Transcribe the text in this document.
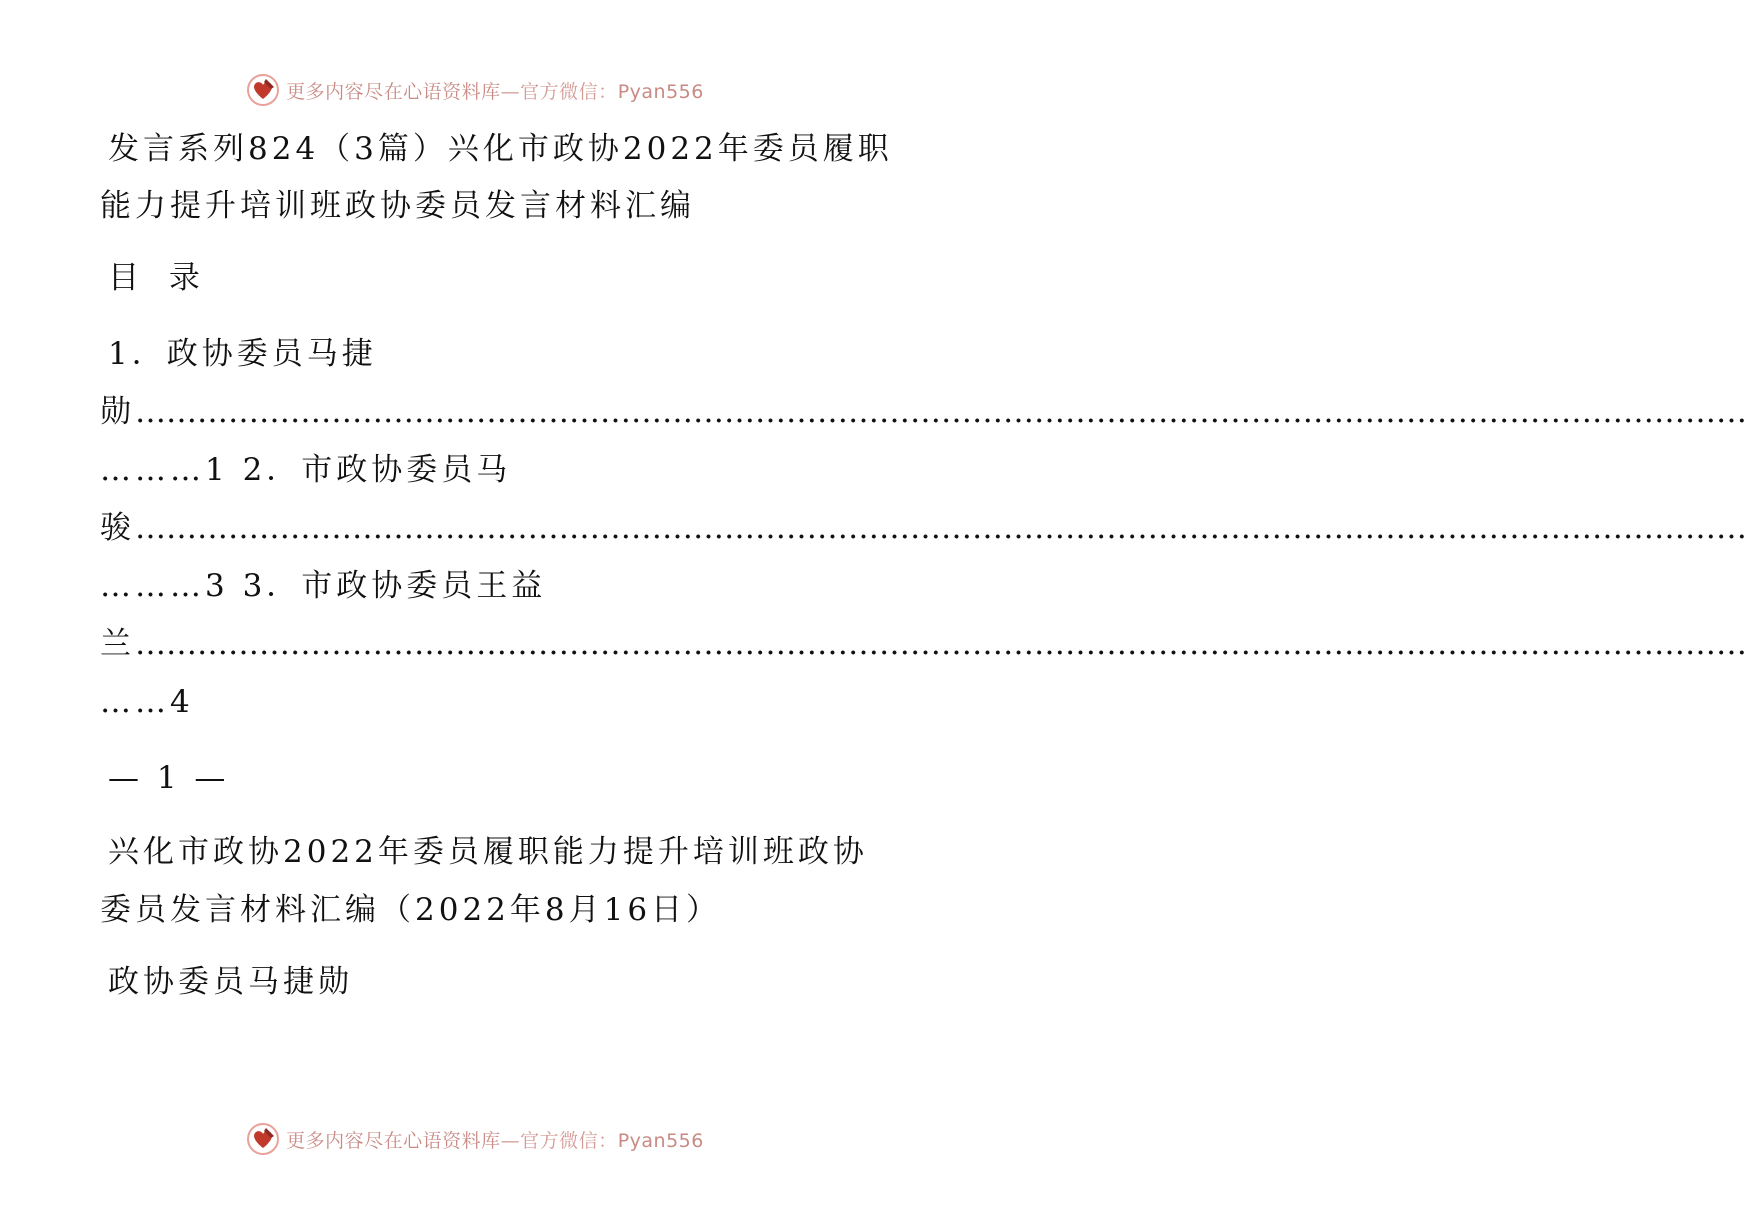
更多内容尽在心语资料库—官方微信：Pyan556
发言系列824（3篇）兴化市政协2022年委员履职
能力提升培训班政协委员发言材料汇编
目 录
1．政协委员马捷
勋…………………………………………………………………………………………………………………………………………
………1 2．市政协委员马
骏…………………………………………………………………………………………………………………………………………
………3 3．市政协委员王益
兰…………………………………………………………………………………………………………………………………………
……4
— 1 —
兴化市政协2022年委员履职能力提升培训班政协
委员发言材料汇编（2022年8月16日）
政协委员马捷勋
更多内容尽在心语资料库—官方微信：Pyan556
